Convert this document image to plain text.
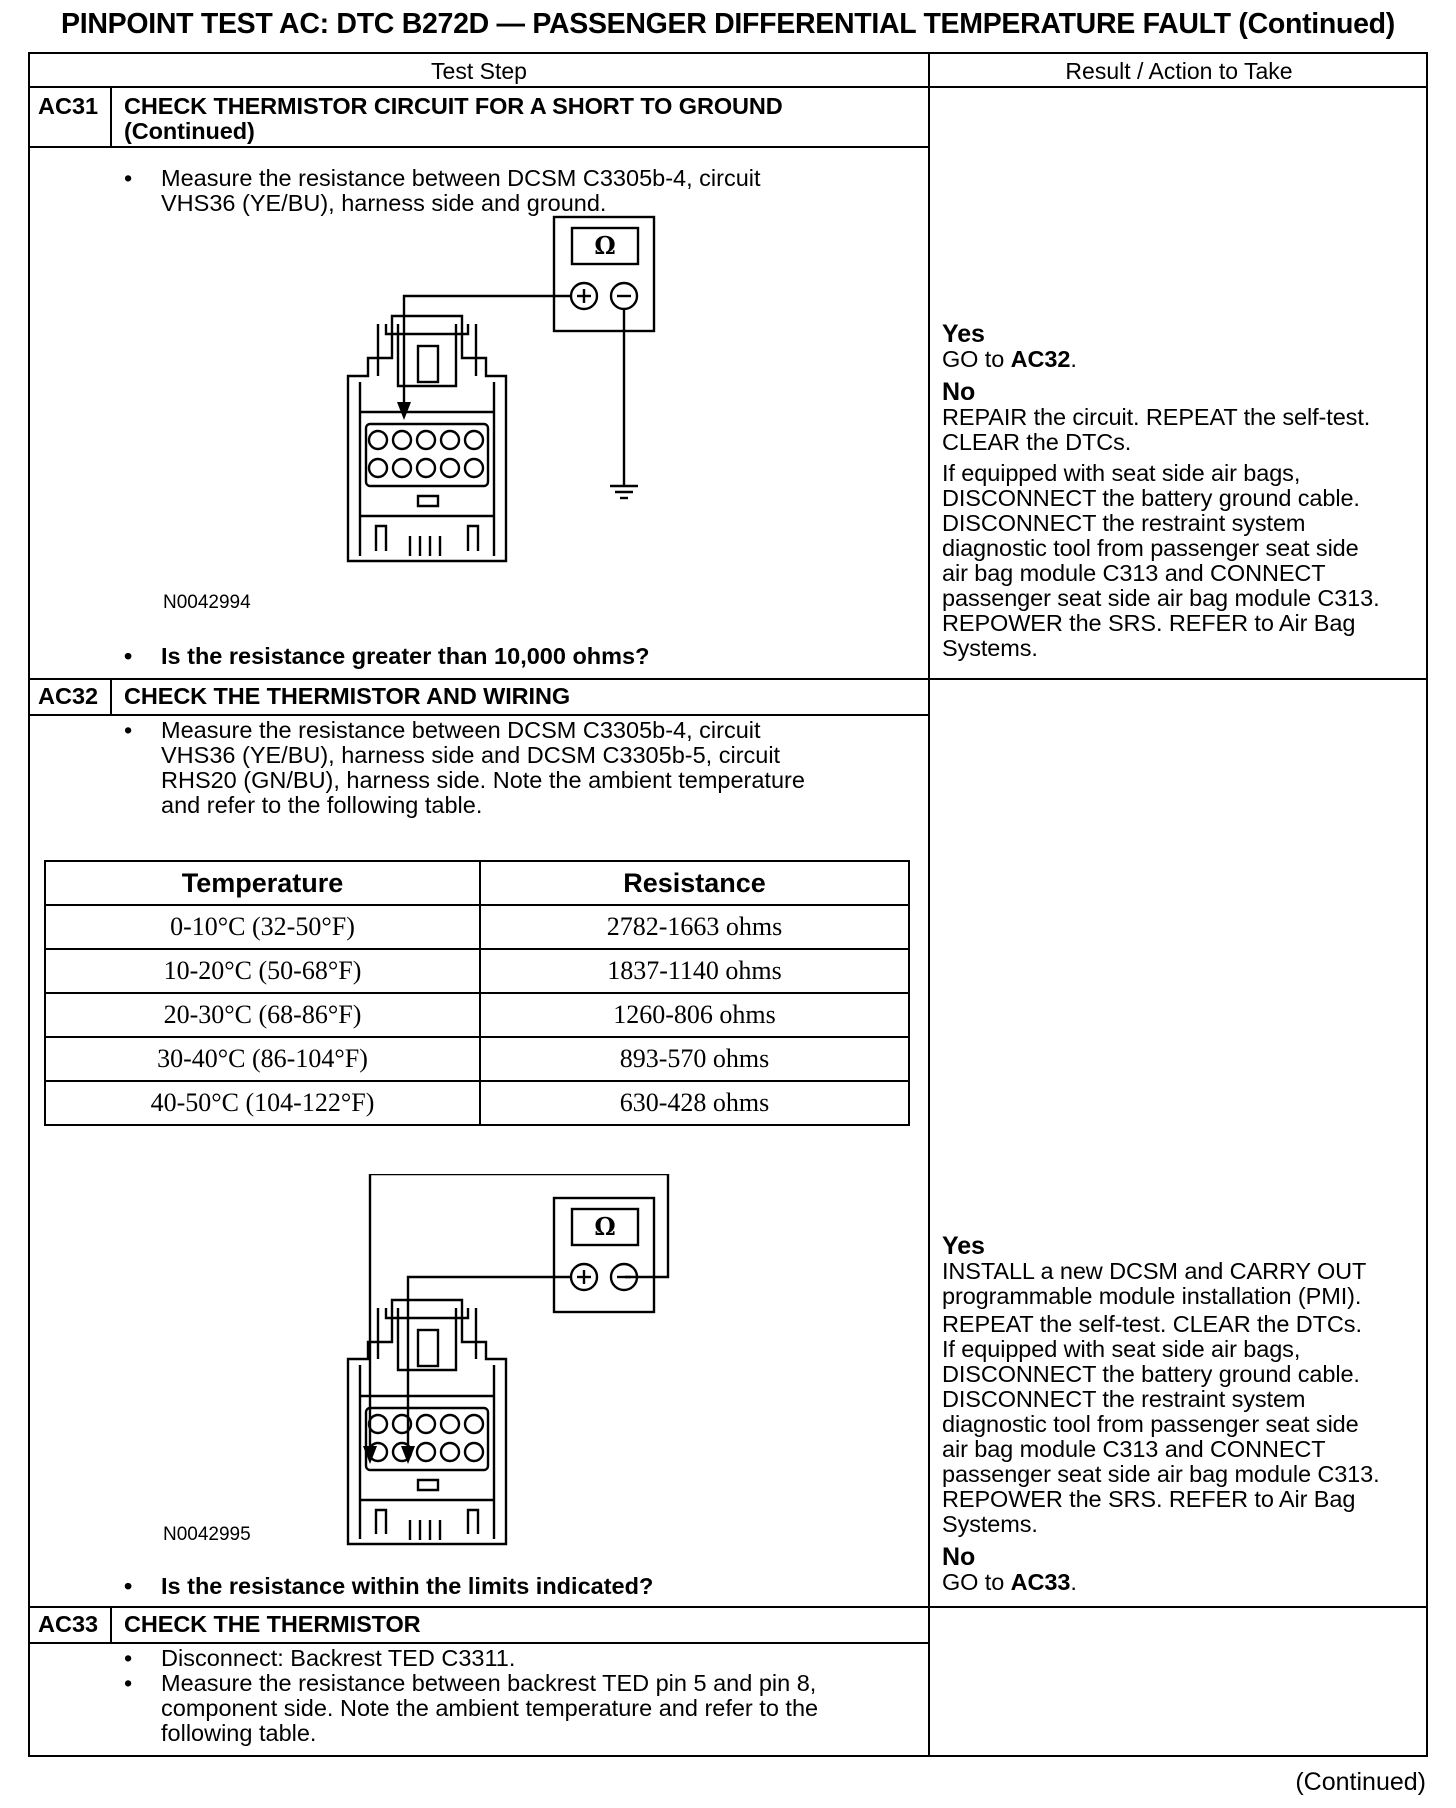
PINPOINT TEST AC: DTC B272D — PASSENGER DIFFERENTIAL TEMPERATURE FAULT (Continued)
Test Step	Result / Action to Take
AC31 CHECK THERMISTOR CIRCUIT FOR A SHORT TO GROUND
(Continued)
• Measure the resistance between DCSM C3305b-4, circuit
VHS36 (YE/BU), harness side and ground.
Ω
N0042994
• Is the resistance greater than 10,000 ohms?
Yes
GO to AC32.
No
REPAIR the circuit. REPEAT the self-test.
CLEAR the DTCs.
If equipped with seat side air bags,
DISCONNECT the battery ground cable.
DISCONNECT the restraint system
diagnostic tool from passenger seat side
air bag module C313 and CONNECT
passenger seat side air bag module C313.
REPOWER the SRS. REFER to Air Bag
Systems.
AC32 CHECK THE THERMISTOR AND WIRING
• Measure the resistance between DCSM C3305b-4, circuit
VHS36 (YE/BU), harness side and DCSM C3305b-5, circuit
RHS20 (GN/BU), harness side. Note the ambient temperature
and refer to the following table.
Temperature	Resistance
0-10°C (32-50°F)	2782-1663 ohms
10-20°C (50-68°F)	1837-1140 ohms
20-30°C (68-86°F)	1260-806 ohms
30-40°C (86-104°F)	893-570 ohms
40-50°C (104-122°F)	630-428 ohms
Ω
N0042995
• Is the resistance within the limits indicated?
Yes
INSTALL a new DCSM and CARRY OUT
programmable module installation (PMI).
REPEAT the self-test. CLEAR the DTCs.
If equipped with seat side air bags,
DISCONNECT the battery ground cable.
DISCONNECT the restraint system
diagnostic tool from passenger seat side
air bag module C313 and CONNECT
passenger seat side air bag module C313.
REPOWER the SRS. REFER to Air Bag
Systems.
No
GO to AC33.
AC33 CHECK THE THERMISTOR
• Disconnect: Backrest TED C3311.
• Measure the resistance between backrest TED pin 5 and pin 8,
component side. Note the ambient temperature and refer to the
following table.
(Continued)
